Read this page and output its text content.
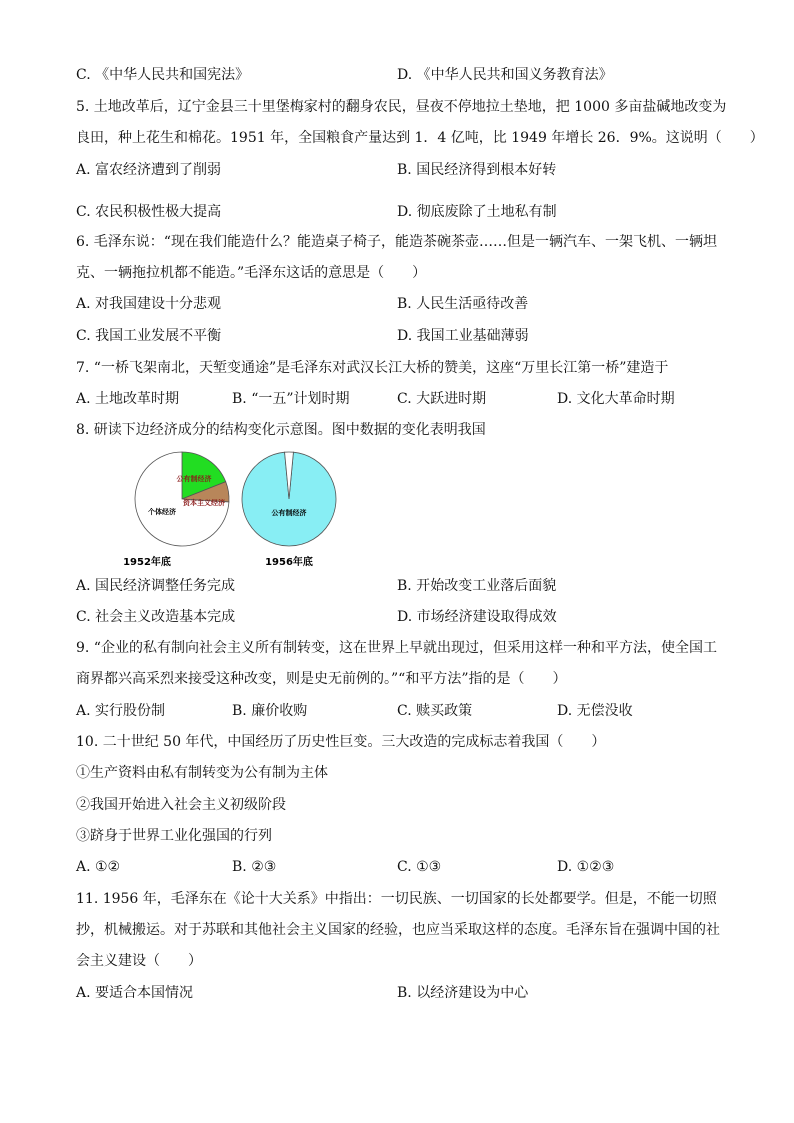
C. 《中华人民共和国宪法》	D. 《中华人民共和国义务教育法》
5. 土地改革后，辽宁金县三十里堡梅家村的翻身农民，昼夜不停地拉土垫地，把 1000 多亩盐碱地改变为
良田，种上花生和棉花。1951 年，全国粮食产量达到 1．4 亿吨，比 1949 年增长 26．9%。这说明（　　）
A. 富农经济遭到了削弱	B. 国民经济得到根本好转
C. 农民积极性极大提高	D. 彻底废除了土地私有制
6. 毛泽东说：“现在我们能造什么？能造桌子椅子，能造茶碗茶壶……但是一辆汽车、一架飞机、一辆坦
克、一辆拖拉机都不能造。”毛泽东这话的意思是（　　）
A. 对我国建设十分悲观	B. 人民生活亟待改善
C. 我国工业发展不平衡	D. 我国工业基础薄弱
7. “一桥飞架南北，天堑变通途”是毛泽东对武汉长江大桥的赞美，这座“万里长江第一桥”建造于
A. 土地改革时期	B. “一五”计划时期	C. 大跃进时期	D. 文化大革命时期
8. 研读下边经济成分的结构变化示意图。图中数据的变化表明我国
公有制经济
资本主义经济
个体经济	公有制经济
1952年底	1956年底
A. 国民经济调整任务完成	B. 开始改变工业落后面貌
C. 社会主义改造基本完成	D. 市场经济建设取得成效
9. “企业的私有制向社会主义所有制转变，这在世界上早就出现过，但采用这样一种和平方法，使全国工
商界都兴高采烈来接受这种改变，则是史无前例的。”“和平方法”指的是（　　）
A. 实行股份制	B. 廉价收购	C. 赎买政策	D. 无偿没收
10. 二十世纪 50 年代，中国经历了历史性巨变。三大改造的完成标志着我国（　　）
①生产资料由私有制转变为公有制为主体
②我国开始进入社会主义初级阶段
③跻身于世界工业化强国的行列
A. ①②	B. ②③	C. ①③	D. ①②③
11. 1956 年，毛泽东在《论十大关系》中指出：一切民族、一切国家的长处都要学。但是，不能一切照
抄，机械搬运。对于苏联和其他社会主义国家的经验，也应当采取这样的态度。毛泽东旨在强调中国的社
会主义建设（　　）
A. 要适合本国情况	B. 以经济建设为中心
